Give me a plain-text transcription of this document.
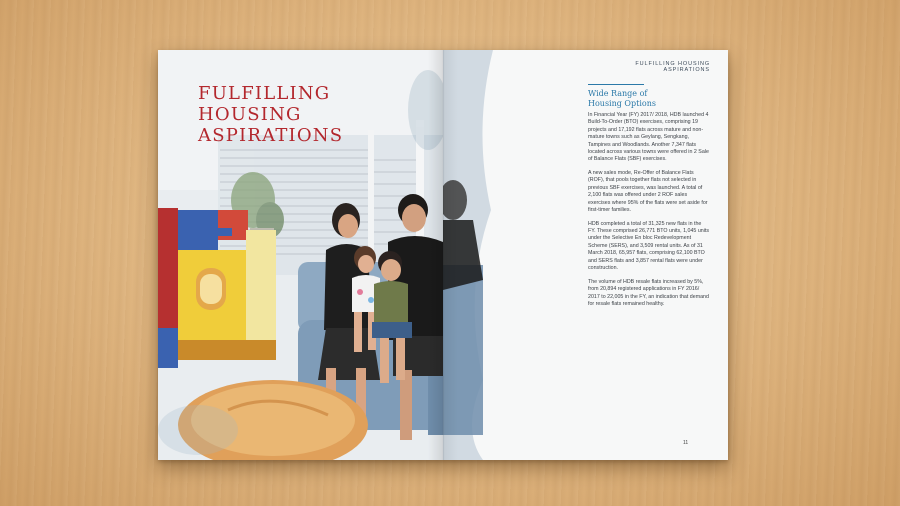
FULFILLING HOUSING
ASPIRATIONS
FULFILLING HOUSING ASPIRATIONS
Wide Range of
Housing Options

In Financial Year (FY) 2017/ 2018, HDB launched 4 Build-To-Order (BTO) exercises, comprising 19 projects and 17,192 flats across mature and non-mature towns such as Geylang, Sengkang, Tampines and Woodlands. Another 7,347 flats located across various towns were offered in 2 Sale of Balance Flats (SBF) exercises.

A new sales mode, Re-Offer of Balance Flats (ROF), that pools together flats not selected in previous SBF exercises, was launched. A total of 2,100 flats was offered under 2 ROF sales exercises where 95% of the flats were set aside for first-timer families.

HDB completed a total of 31,325 new flats in the FY. These comprised 26,771 BTO units, 1,045 units under the Selective En bloc Redevelopment Scheme (SERS), and 3,509 rental units. As of 31 March 2018, 65,957 flats, comprising 62,100 BTO and SERS flats and 3,857 rental flats were under construction.

The volume of HDB resale flats increased by 5%, from 20,894 registered applications in FY 2016/ 2017 to 22,005 in the FY, an indication that demand for resale flats remained healthy.

11
